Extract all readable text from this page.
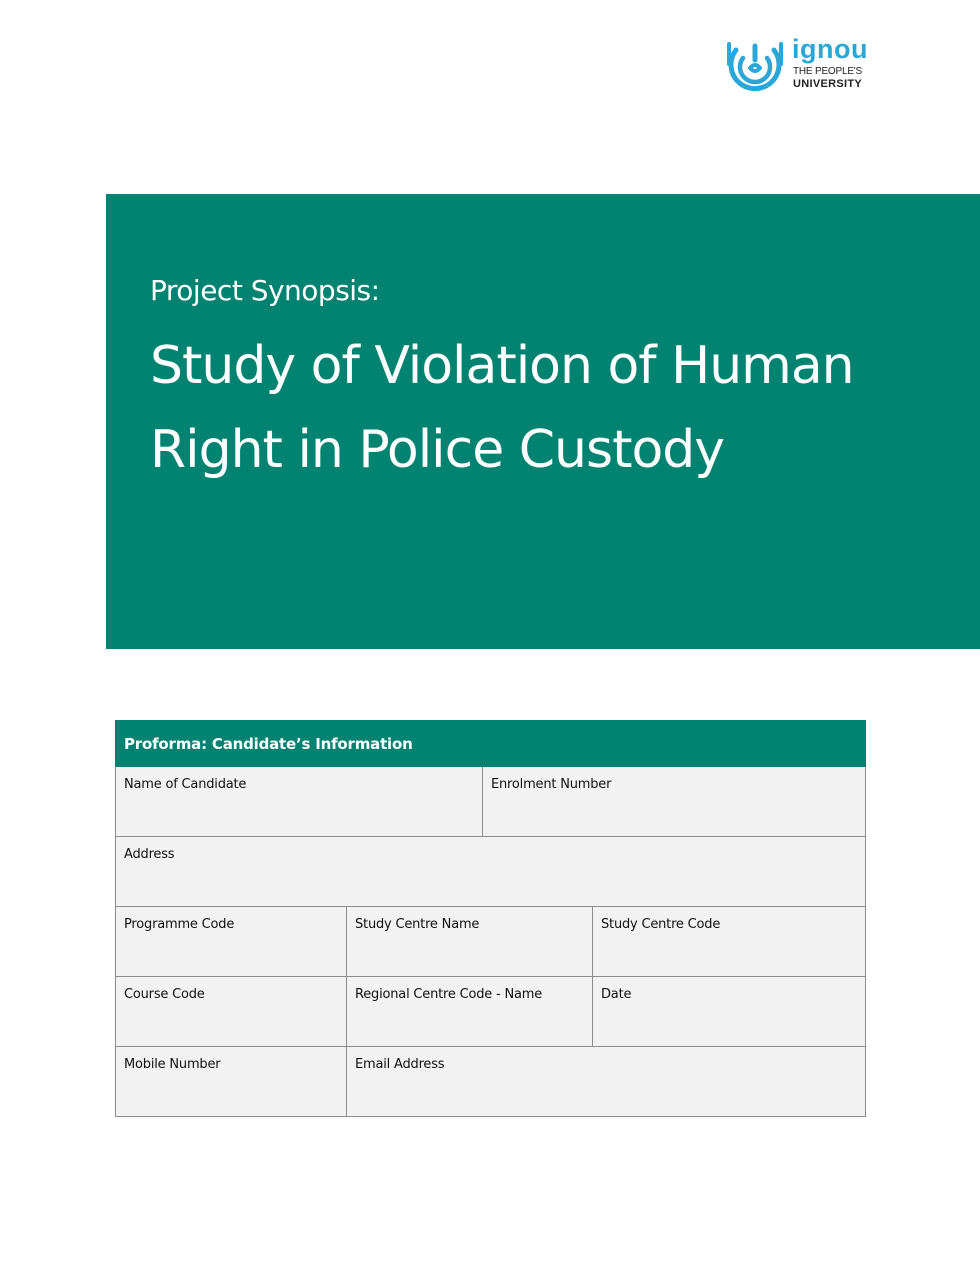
ignou
THE PEOPLE'S
UNIVERSITY
Project Synopsis:
Study of Violation of Human Right in Police Custody
Proforma: Candidate’s Information			
Name of Candidate		Enrolment Number	

Address			

Programme Code	Study Centre Name		Study Centre Code

Course Code	Regional Centre Code - Name		Date

Mobile Number	Email Address		
